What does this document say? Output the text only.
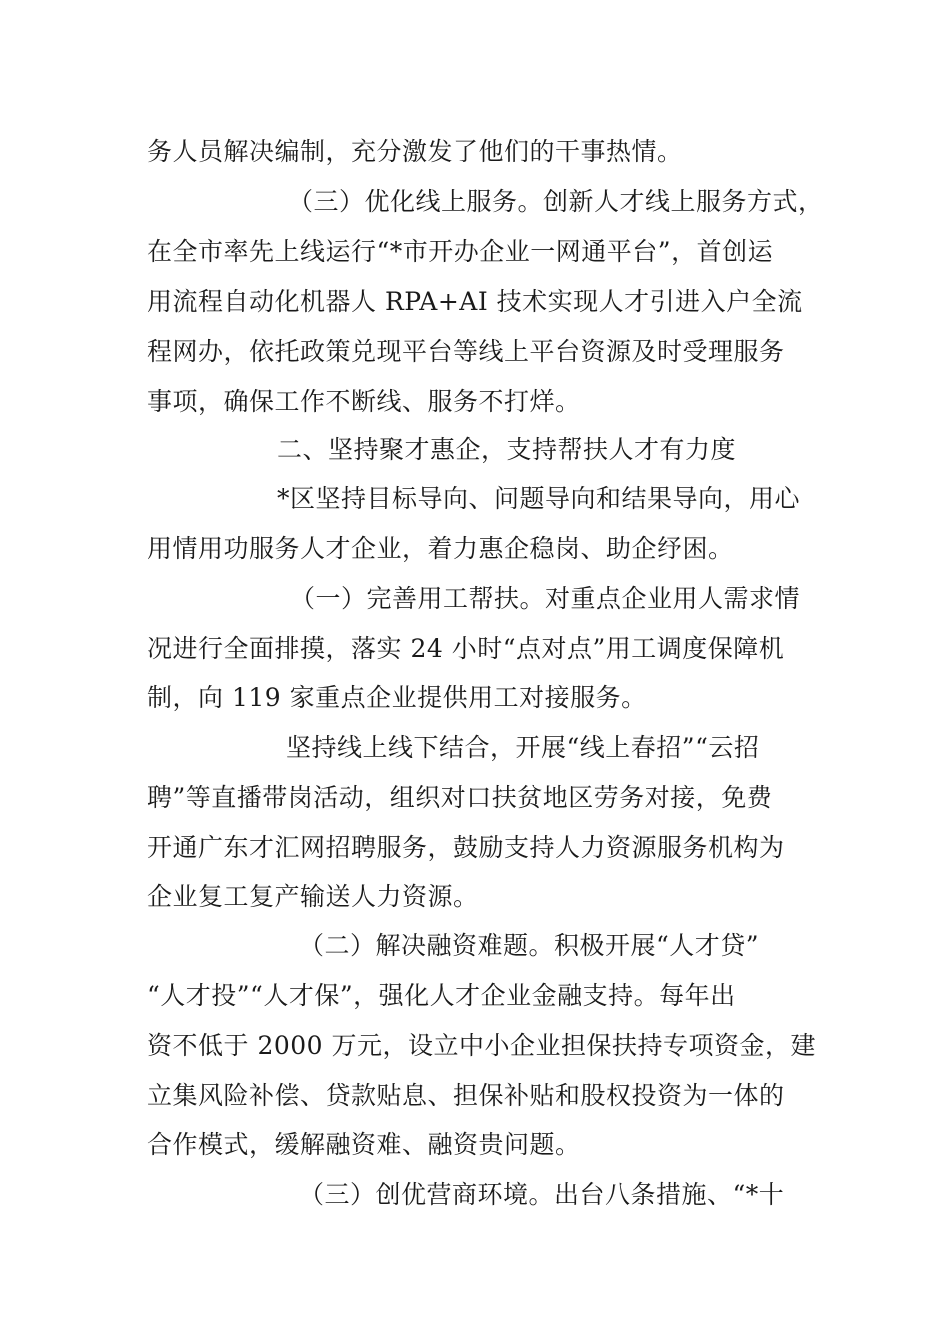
务人员解决编制，充分激发了他们的干事热情。
（三）优化线上服务。创新人才线上服务方式，
在全市率先上线运行“*市开办企业一网通平台”，首创运
用流程自动化机器人 RPA+AI 技术实现人才引进入户全流
程网办，依托政策兑现平台等线上平台资源及时受理服务
事项，确保工作不断线、服务不打烊。
二、坚持聚才惠企，支持帮扶人才有力度
*区坚持目标导向、问题导向和结果导向，用心
用情用功服务人才企业，着力惠企稳岗、助企纾困。
（一）完善用工帮扶。对重点企业用人需求情
况进行全面排摸，落实 24 小时“点对点”用工调度保障机
制，向 119 家重点企业提供用工对接服务。
坚持线上线下结合，开展“线上春招”“云招
聘”等直播带岗活动，组织对口扶贫地区劳务对接，免费
开通广东才汇网招聘服务，鼓励支持人力资源服务机构为
企业复工复产输送人力资源。
（二）解决融资难题。积极开展“人才贷”
“人才投”“人才保”，强化人才企业金融支持。每年出
资不低于 2000 万元，设立中小企业担保扶持专项资金，建
立集风险补偿、贷款贴息、担保补贴和股权投资为一体的
合作模式，缓解融资难、融资贵问题。
（三）创优营商环境。出台八条措施、“*十
